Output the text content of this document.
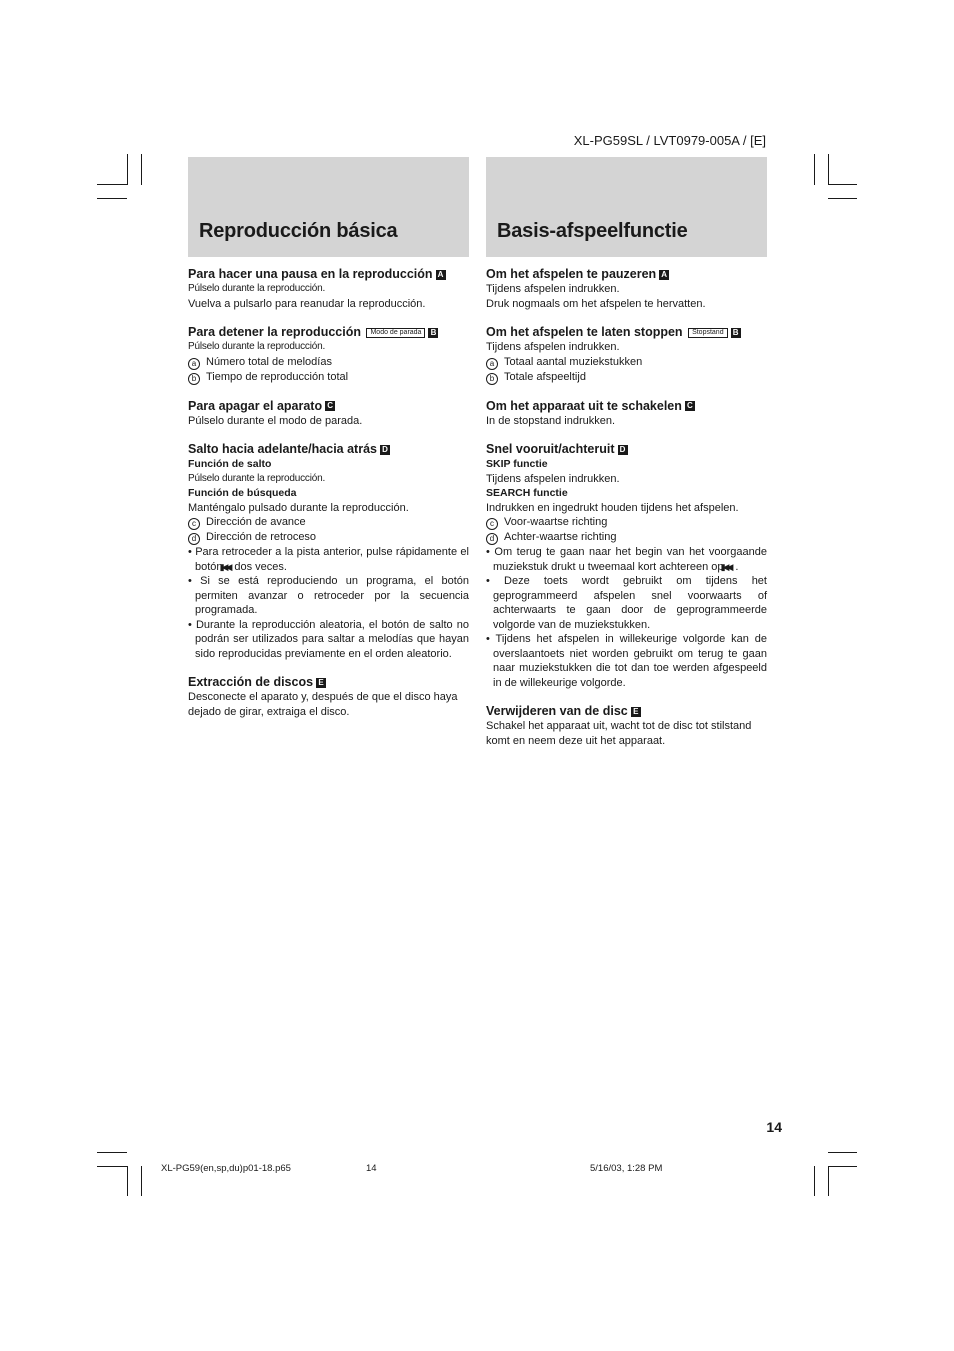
XL-PG59SL / LVT0979-005A / [E]
Reproducción básica

Para hacer una pausa en la reproducción A

Púlselo durante la reproducción.

Vuelva a pulsarlo para reanudar la reproducción.

Para detener la reproducción Modo de parada B

Púlselo durante la reproducción.

a Número total de melodías

b Tiempo de reproducción total

Para apagar el aparato C

Púlselo durante el modo de parada.

Salto hacia adelante/hacia atrás D

Función de salto

Púlselo durante la reproducción.

Función de búsqueda

Manténgalo pulsado durante la reproducción.

c Dirección de avance

d Dirección de retroceso

• Para retroceder a la pista anterior, pulse rápidamente el botón ▮◀◀ dos veces.

• Si se está reproduciendo un programa, el botón permiten avanzar o retroceder por la secuencia programada.

• Durante la reproducción aleatoria, el botón de salto no podrán ser utilizados para saltar a melodías que hayan sido reproducidas previamente en el orden aleatorio.

Extracción de discos E

Desconecte el aparato y, después de que el disco haya dejado de girar, extraiga el disco.

Basis-afspeelfunctie

Om het afspelen te pauzeren A

Tijdens afspelen indrukken.

Druk nogmaals om het afspelen te hervatten.

Om het afspelen te laten stoppen Stopstand B

Tijdens afspelen indrukken.

a Totaal aantal muziekstukken

b Totale afspeeltijd

Om het apparaat uit te schakelen C

In de stopstand indrukken.

Snel vooruit/achteruit D

SKIP functie

Tijdens afspelen indrukken.

SEARCH functie

Indrukken en ingedrukt houden tijdens het afspelen.

c Voor-waartse richting

d Achter-waartse richting

• Om terug te gaan naar het begin van het voorgaande muziekstuk drukt u tweemaal kort achtereen op ▮◀◀ .

• Deze toets wordt gebruikt om tijdens het geprogrammeerd afspelen snel voorwaarts of achterwaarts te gaan door de geprogrammeerde volgorde van de muziekstukken.

• Tijdens het afspelen in willekeurige volgorde kan de overslaantoets niet worden gebruikt om terug te gaan naar muziekstukken die tot dan toe werden afgespeeld in de willekeurige volgorde.

Verwijderen van de disc E

Schakel het apparaat uit, wacht tot de disc tot stilstand komt en neem deze uit het apparaat.

14
XL-PG59(en,sp,du)p01-18.p65	14	5/16/03, 1:28 PM
